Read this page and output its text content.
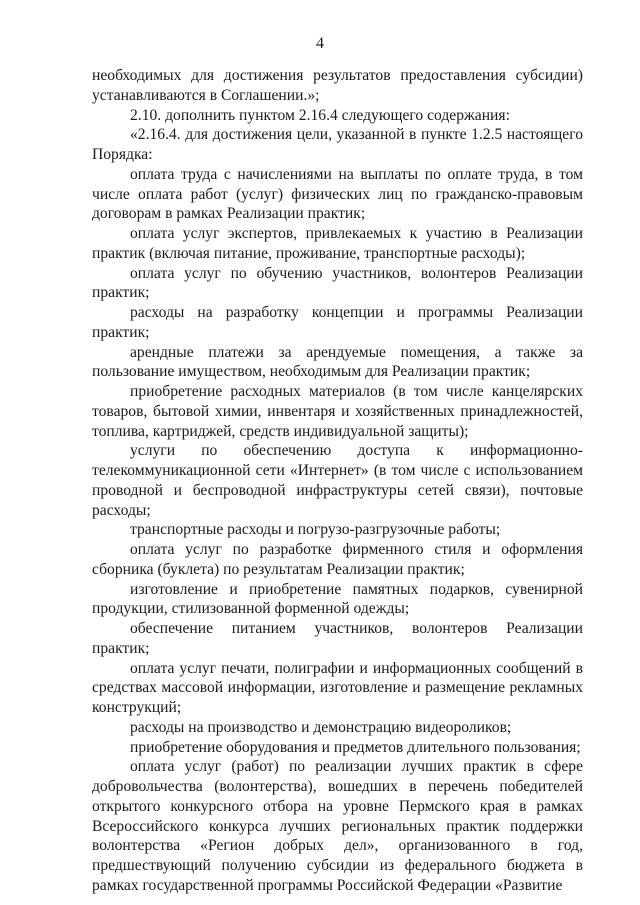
4

необходимых для достижения результатов предоставления субсидии) устанавливаются в Соглашении.»;

2.10. дополнить пунктом 2.16.4 следующего содержания:

«2.16.4. для достижения цели, указанной в пункте 1.2.5 настоящего Порядка:

оплата труда с начислениями на выплаты по оплате труда, в том числе оплата работ (услуг) физических лиц по гражданско-правовым договорам в рамках Реализации практик;

оплата услуг экспертов, привлекаемых к участию в Реализации практик (включая питание, проживание, транспортные расходы);

оплата услуг по обучению участников, волонтеров Реализации практик;

расходы на разработку концепции и программы Реализации практик;

арендные платежи за арендуемые помещения, а также за пользование имуществом, необходимым для Реализации практик;

приобретение расходных материалов (в том числе канцелярских товаров, бытовой химии, инвентаря и хозяйственных принадлежностей, топлива, картриджей, средств индивидуальной защиты);

услуги по обеспечению доступа к информационно-телекоммуникационной сети «Интернет» (в том числе с использованием проводной и беспроводной инфраструктуры сетей связи), почтовые расходы;

транспортные расходы и погрузо-разгрузочные работы;

оплата услуг по разработке фирменного стиля и оформления сборника (буклета) по результатам Реализации практик;

изготовление и приобретение памятных подарков, сувенирной продукции, стилизованной форменной одежды;

обеспечение питанием участников, волонтеров Реализации практик;

оплата услуг печати, полиграфии и информационных сообщений в средствах массовой информации, изготовление и размещение рекламных конструкций;

расходы на производство и демонстрацию видеороликов;

приобретение оборудования и предметов длительного пользования;

оплата услуг (работ) по реализации лучших практик в сфере добровольчества (волонтерства), вошедших в перечень победителей открытого конкурсного отбора на уровне Пермского края в рамках Всероссийского конкурса лучших региональных практик поддержки волонтерства «Регион добрых дел», организованного в год, предшествующий получению субсидии из федерального бюджета в рамках государственной программы Российской Федерации «Развитие
